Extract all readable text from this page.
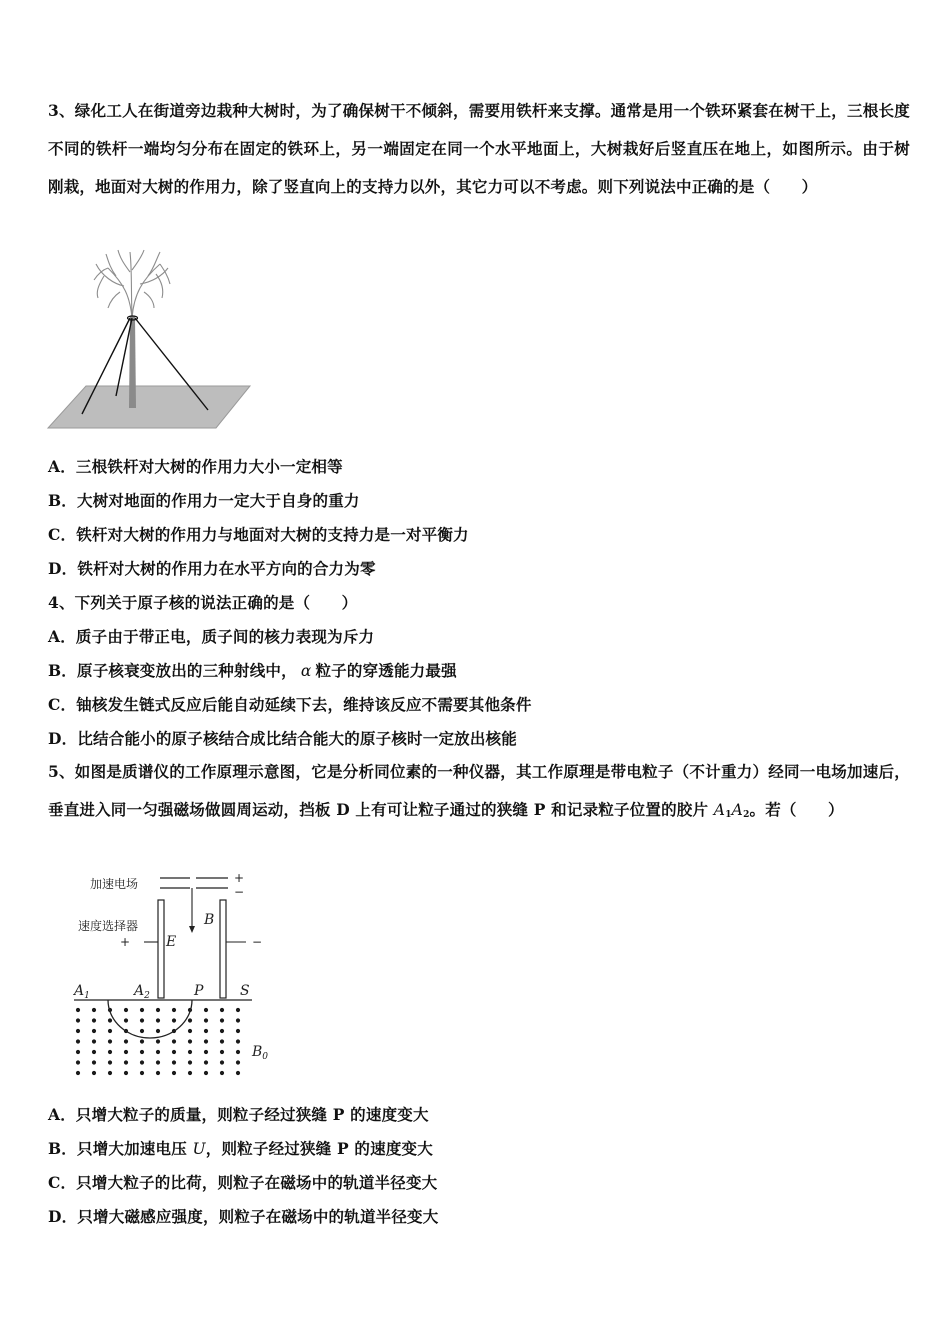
3、绿化工人在街道旁边栽种大树时，为了确保树干不倾斜，需要用铁杆来支撑。通常是用一个铁环紧套在树干上，三根长度不同的铁杆一端均匀分布在固定的铁环上，另一端固定在同一个水平地面上，大树栽好后竖直压在地上，如图所示。由于树刚栽，地面对大树的作用力，除了竖直向上的支持力以外，其它力可以不考虑。则下列说法中正确的是（　　）
A．三根铁杆对大树的作用力大小一定相等
B．大树对地面的作用力一定大于自身的重力
C．铁杆对大树的作用力与地面对大树的支持力是一对平衡力
D．铁杆对大树的作用力在水平方向的合力为零
4、下列关于原子核的说法正确的是（　　）
A．质子由于带正电，质子间的核力表现为斥力
B．原子核衰变放出的三种射线中， α 粒子的穿透能力最强
C．铀核发生链式反应后能自动延续下去，维持该反应不需要其他条件
D．比结合能小的原子核结合成比结合能大的原子核时一定放出核能
5、如图是质谱仪的工作原理示意图，它是分析同位素的一种仪器，其工作原理是带电粒子（不计重力）经同一电场加速后，垂直进入同一匀强磁场做圆周运动，挡板 D 上有可让粒子通过的狭缝 P 和记录粒子位置的胶片 $A_1A_2$。若（　　）
加速电场	+
−
速度选择器
+	E	−
B
$A_1$	$A_2$	P	S
$B_0$
A．只增大粒子的质量，则粒子经过狭缝 P 的速度变大
B．只增大加速电压 U，则粒子经过狭缝 P 的速度变大
C．只增大粒子的比荷，则粒子在磁场中的轨道半径变大
D．只增大磁感应强度，则粒子在磁场中的轨道半径变大
